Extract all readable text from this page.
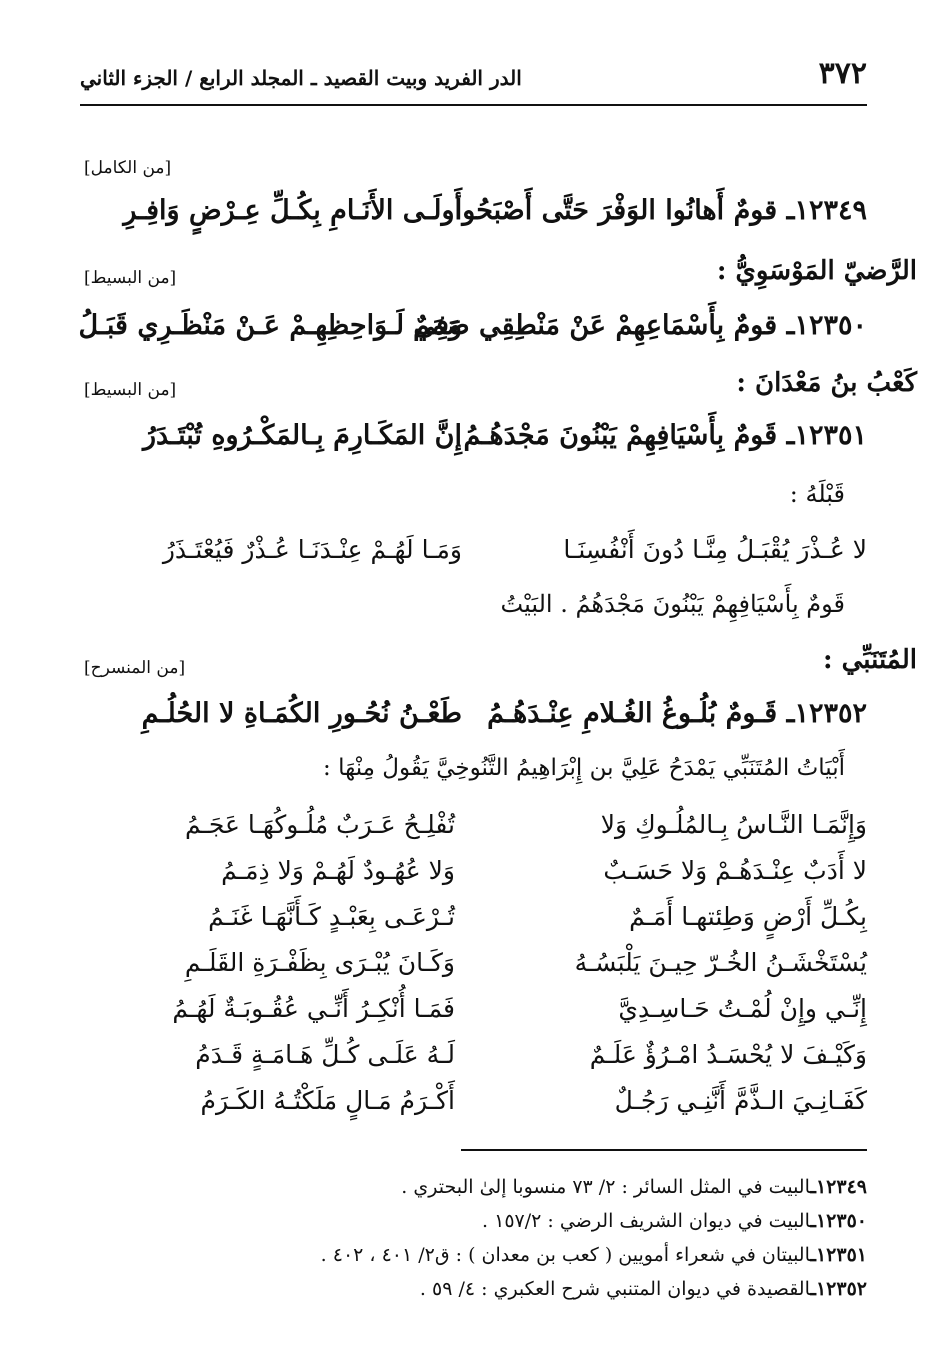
٣٧٢
الدر الفريد وبيت القصيد ـ المجلد الرابع / الجزء الثاني
[من الكامل]
١٢٣٤٩ـ قومٌ أَهانُوا الوَفْرَ حَتَّى أَصْبَحُوا
أَولَـى الأَنَـامِ بِكُـلِّ عِـرْضٍ وَافِـرِ
الرَّضيّ المَوْسَوِيُّ :
[من البسيط]
١٢٣٥٠ـ قومٌ بِأَسْمَاعِهِمْ عَنْ مَنْطِقِي صَمَمٌ
وَفِي لَـوَاحِظِهِـمْ عَـنْ مَنْظَـرِي قَبَـلُ
كَعْبُ بنُ مَعْدَانَ :
[من البسيط]
١٢٣٥١ـ قَومٌ بِأَسْيَافِهِمْ يَبْنُونَ مَجْدَهُـمُ
إِنَّ المَكَـارِمَ بِـالمَكْـرُوهِ تُبْتَـدَرُ
قَبْلَهُ :
لا عُـذْرَ يُقْبَـلُ مِنَّـا دُونَ أَنْفُسِنَـا
وَمَـا لَهُـمْ عِنْـدَنَـا عُـذْرٌ فَيُعْتَـذَرُ
قَومٌ بِأَسْيَافِهِمْ يَبْنُونَ مَجْدَهُمُ . البَيْتُ
المُتَنَبِّي :
[من المنسرح]
١٢٣٥٢ـ قَـومٌ بُلُـوغُ الغُـلامِ عِنْـدَهُـمُ
طَعْـنُ نُحُـورِ الكُمَـاةِ لا الحُلُـمِ
أَبْيَاتُ المُتَنَبِّي يَمْدَحُ عَلِيَّ بن إِبْرَاهِيمُ التَّنُوخِيَّ يَقُولُ مِنْهَا :
وَإِنَّمَـا النَّـاسُ بِـالمُلُـوكِ وَلا
تُفْلِـحُ عَـرَبٌ مُلُـوكُهَـا عَجَـمُ
لا أَدَبٌ عِنْـدَهُـمْ وَلا حَسَـبٌ
وَلا عُهُـودٌ لَهُـمْ وَلا ذِمَـمُ
بِكُـلِّ أَرْضٍ وَطِئتهـا أَمَـمٌ
تُـرْعَـى بِعَبْـدٍ كَـأَنَّهَـا غَنَـمُ
يُسْتَخْشَـنُ الخُـرّ حِيـنَ يَلْبَسُـهُ
وَكَـانَ يُبْـرَى بِظَفْـرَةِ القَلَـمِ
إِنِّـي وإِنْ لُمْـتُ حَـاسِـدِيَّ
فَمَـا أُنْكِـرُ أَنِّـي عُقُـوبَـةٌ لَهُـمُ
وَكَيْـفَ لا يُحْسَـدُ امْـرُؤٌ عَلَـمٌ
لَـهُ عَلَـى كُـلِّ هَـامَـةٍ قَـدَمُ
كَفَـانِـيَ الـذَّمَّ أَنَّنِـي رَجُـلٌ
أَكْـرَمُ مَـالٍ مَلَكْتُـهُ الكَـرَمُ
١٢٣٤٩ـالبيت في المثل السائر : ٢/ ٧٣ منسوبا إلىٰ البحتري .
١٢٣٥٠ـالبيت في ديوان الشريف الرضي : ١٥٧/٢ .
١٢٣٥١ـالبيتان في شعراء أمويين ( كعب بن معدان ) : ق٢/ ٤٠١ ، ٤٠٢ .
١٢٣٥٢ـالقصيدة في ديوان المتنبي شرح العكبري : ٤/ ٥٩ .
